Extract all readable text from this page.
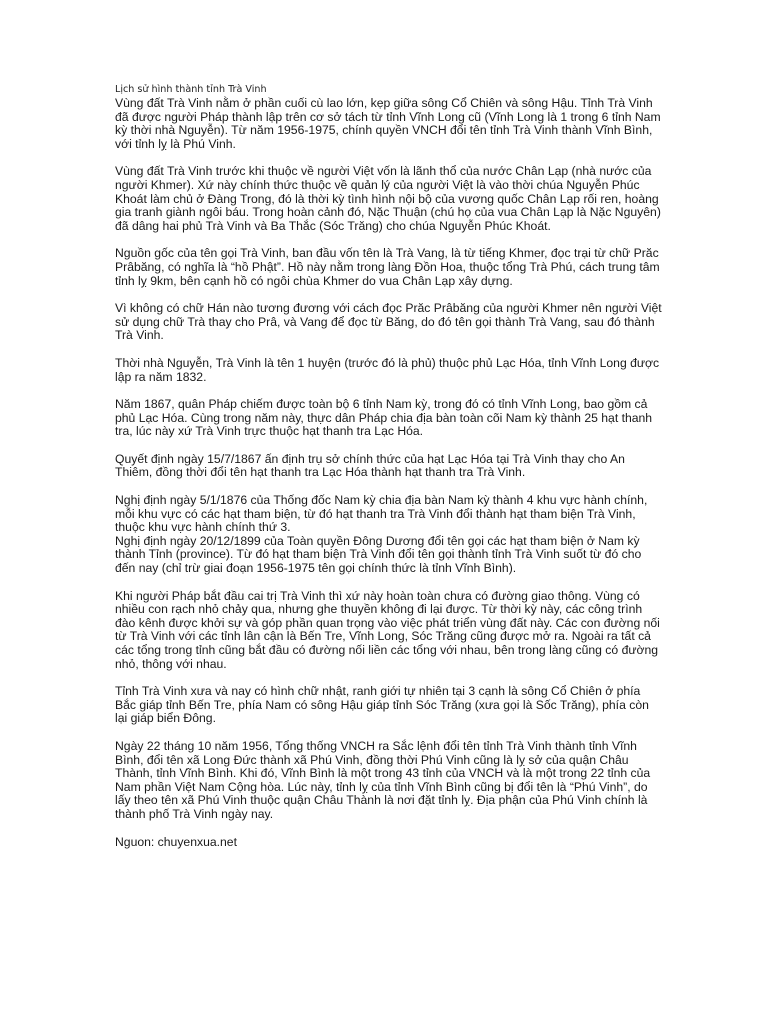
Lịch sử hình thành tỉnh Trà Vinh

Vùng đất Trà Vinh nằm ở phần cuối cù lao lớn, kẹp giữa sông Cổ Chiên và sông Hậu. Tỉnh Trà Vinh đã được người Pháp thành lập trên cơ sở tách từ tỉnh Vĩnh Long cũ (Vĩnh Long là 1 trong 6 tỉnh Nam kỳ thời nhà Nguyễn). Từ năm 1956-1975, chính quyền VNCH đổi tên tỉnh Trà Vinh thành Vĩnh Bình, với tỉnh lỵ là Phú Vinh.

Vùng đất Trà Vinh trước khi thuộc về người Việt vốn là lãnh thổ của nước Chân Lạp (nhà nước của người Khmer). Xứ này chính thức thuộc về quản lý của người Việt là vào thời chúa Nguyễn Phúc Khoát làm chủ ở Đàng Trong, đó là thời kỳ tình hình nội bộ của vương quốc Chân Lạp rối ren, hoàng gia tranh giành ngôi báu. Trong hoàn cảnh đó, Nặc Thuận (chú họ của vua Chân Lạp là Nặc Nguyên) đã dâng hai phủ Trà Vinh và Ba Thắc (Sóc Trăng) cho chúa Nguyễn Phúc Khoát.

Nguồn gốc của tên gọi Trà Vinh, ban đầu vốn tên là Trà Vang, là từ tiếng Khmer, đọc trại từ chữ Prăc Prâbăng, có nghĩa là “hồ Phật”. Hồ này nằm trong làng Đồn Hoa, thuộc tổng Trà Phú, cách trung tâm tỉnh lỵ 9km, bên cạnh hồ có ngôi chùa Khmer do vua Chân Lạp xây dựng.

Vì không có chữ Hán nào tương đương với cách đọc Prăc Prâbăng của người Khmer nên người Việt sử dụng chữ Trà thay cho Prâ, và Vang để đọc từ Băng, do đó tên gọi thành Trà Vang, sau đó thành Trà Vinh.

Thời nhà Nguyễn, Trà Vinh là tên 1 huyện (trước đó là phủ) thuộc phủ Lạc Hóa, tỉnh Vĩnh Long được lập ra năm 1832.

Năm 1867, quân Pháp chiếm được toàn bộ 6 tỉnh Nam kỳ, trong đó có tỉnh Vĩnh Long, bao gồm cả phủ Lạc Hóa. Cùng trong năm này, thực dân Pháp chia địa bàn toàn cõi Nam kỳ thành 25 hạt thanh tra, lúc này xứ Trà Vinh trực thuộc hạt thanh tra Lạc Hóa.

Quyết định ngày 15/7/1867 ấn định trụ sở chính thức của hạt Lạc Hóa tại Trà Vinh thay cho An Thiêm, đồng thời đổi tên hạt thanh tra Lạc Hóa thành hạt thanh tra Trà Vinh.

Nghị định ngày 5/1/1876 của Thống đốc Nam kỳ chia địa bàn Nam kỳ thành 4 khu vực hành chính, mỗi khu vực có các hạt tham biện, từ đó hạt thanh tra Trà Vinh đổi thành hạt tham biện Trà Vinh, thuộc khu vực hành chính thứ 3.

Nghị định ngày 20/12/1899 của Toàn quyền Đông Dương đổi tên gọi các hạt tham biện ở Nam kỳ thành Tỉnh (province). Từ đó hạt tham biện Trà Vinh đổi tên gọi thành tỉnh Trà Vinh suốt từ đó cho đến nay (chỉ trừ giai đoạn 1956-1975 tên gọi chính thức là tỉnh Vĩnh Bình).

Khi người Pháp bắt đầu cai trị Trà Vinh thì xứ này hoàn toàn chưa có đường giao thông. Vùng có nhiều con rạch nhỏ chảy qua, nhưng ghe thuyền không đi lại được. Từ thời kỳ này, các công trình đào kênh được khởi sự và góp phần quan trọng vào việc phát triển vùng đất này. Các con đường nối từ Trà Vinh với các tỉnh lân cận là Bến Tre, Vĩnh Long, Sóc Trăng cũng được mở ra. Ngoài ra tất cả các tổng trong tỉnh cũng bắt đầu có đường nối liền các tổng với nhau, bên trong làng cũng có đường nhỏ, thông với nhau.

Tỉnh Trà Vinh xưa và nay có hình chữ nhật, ranh giới tự nhiên tại 3 cạnh là sông Cổ Chiên ở phía Bắc giáp tỉnh Bến Tre, phía Nam có sông Hậu giáp tỉnh Sóc Trăng (xưa gọi là Sốc Trăng), phía còn lại giáp biển Đông.

Ngày 22 tháng 10 năm 1956, Tổng thống VNCH ra Sắc lệnh đổi tên tỉnh Trà Vinh thành tỉnh Vĩnh Bình, đổi tên xã Long Đức thành xã Phú Vinh, đồng thời Phú Vinh cũng là lỵ sở của quận Châu Thành, tỉnh Vĩnh Bình. Khi đó, Vĩnh Bình là một trong 43 tỉnh của VNCH và là một trong 22 tỉnh của Nam phần Việt Nam Cộng hòa. Lúc này, tỉnh lỵ của tỉnh Vĩnh Bình cũng bị đổi tên là “Phú Vinh”, do lấy theo tên xã Phú Vinh thuộc quận Châu Thành là nơi đặt tỉnh lỵ. Địa phận của Phú Vinh chính là thành phố Trà Vinh ngày nay.

Nguon: chuyenxua.net
